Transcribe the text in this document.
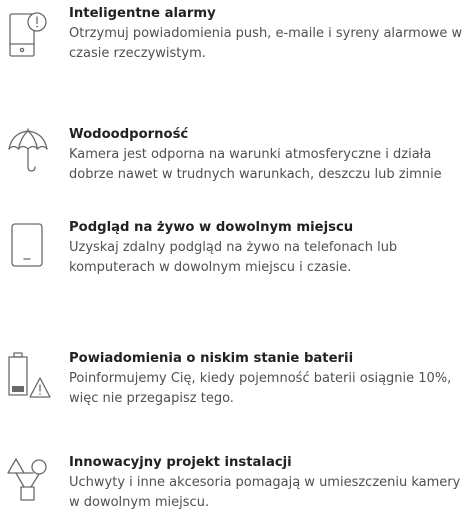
Inteligentne alarmy
Otrzymuj powiadomienia push, e-maile i syreny alarmowe w czasie rzeczywistym.
Wodoodporność
Kamera jest odporna na warunki atmosferyczne i działa dobrze nawet w trudnych warunkach, deszczu lub zimnie
Podgląd na żywo w dowolnym miejscu
Uzyskaj zdalny podgląd na żywo na telefonach lub komputerach w dowolnym miejscu i czasie.
Powiadomienia o niskim stanie baterii
Poinformujemy Cię, kiedy pojemność baterii osiągnie 10%, więc nie przegapisz tego.
Innowacyjny projekt instalacji
Uchwyty i inne akcesoria pomagają w umieszczeniu kamery w dowolnym miejscu.
